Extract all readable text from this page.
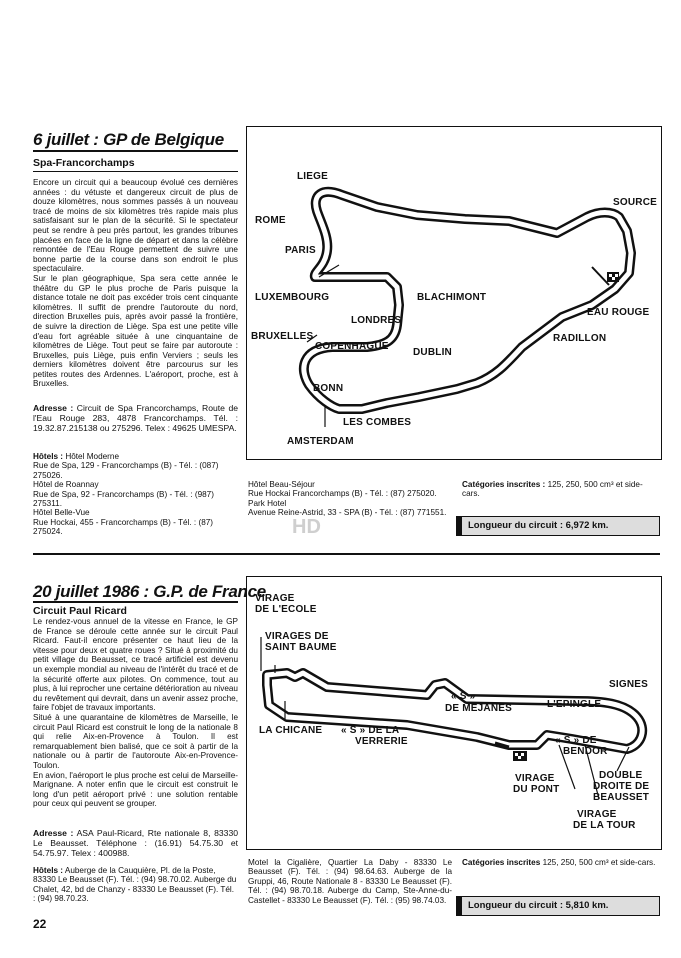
6 juillet : GP de Belgique
Spa-Francorchamps

Encore un circuit qui a beaucoup évolué ces dernières années : du vétuste et dangereux circuit de plus de douze kilomètres, nous sommes passés à un nouveau tracé de moins de six kilomètres très rapide mais plus satisfaisant sur le plan de la sécurité. Si le spectateur peut se rendre à peu près partout, les grandes tribunes placées en face de la ligne de départ et dans la célèbre remontée de l'Eau Rouge permettent de suivre une bonne partie de la course dans son endroit le plus spectaculaire.

Sur le plan géographique, Spa sera cette année le théâtre du GP le plus proche de Paris puisque la distance totale ne doit pas excéder trois cent cinquante kilomètres. Il suffit de prendre l'autoroute du nord, direction Bruxelles puis, après avoir passé la frontière, de suivre la direction de Liège. Spa est une petite ville d'eau fort agréable située à une cinquantaine de kilomètres de Liège. Tout peut se faire par autoroute : Bruxelles, puis Liège, puis enfin Verviers ; seuls les derniers kilomètres doivent être parcourus sur les petites routes des Ardennes. L'aéroport, proche, est à Bruxelles.

Adresse : Circuit de Spa Francorchamps, Route de l'Eau Rouge 283, 4878 Francorchamps. Tél. : 19.32.87.215138 ou 275296. Telex : 49625 UMESPA.
Hôtels : Hôtel Moderne
Rue de Spa, 129 - Francorchamps (B) - Tél. : (087) 275026.
Hôtel de Roannay
Rue de Spa, 92 - Francorchamps (B) - Tél. : (987) 275311.
Hôtel Belle-Vue
Rue Hockai, 455 - Francorchamps (B) - Tél. : (87) 275024.
LIEGE
ROME
PARIS
SOURCE
LUXEMBOURG	BLACHIMONT
EAU ROUGE
LONDRES
BRUXELLES
COPENHAGUE
DUBLIN
RADILLON
BONN
LES COMBES
AMSTERDAM
Hôtel Beau-Séjour
Rue Hockai Francorchamps (B) - Tél. : (87) 275020.
Park Hotel
Avenue Reine-Astrid, 33 - SPA (B) - Tél. : (87) 771551.
HD
Catégories inscrites : 125, 250, 500 cm³ et side-cars.
Longueur du circuit : 6,972 km.
20 juillet 1986 : G.P. de France
Circuit Paul Ricard

Le rendez-vous annuel de la vitesse en France, le GP de France se déroule cette année sur le circuit Paul Ricard. Faut-il encore présenter ce haut lieu de la vitesse pour deux et quatre roues ? Situé à proximité du petit village du Beausset, ce tracé artificiel est devenu un exemple mondial au niveau de l'intérêt du tracé et de la sécurité offerte aux pilotes. On commence, tout au plus, à lui reprocher une certaine détérioration au niveau du revêtement qui devrait, dans un avenir assez proche, faire l'objet de travaux importants.

Situé à une quarantaine de kilomètres de Marseille, le circuit Paul Ricard est construit le long de la nationale 8 qui relie Aix-en-Provence à Toulon. Il est remarquablement bien balisé, que ce soit à partir de la nationale ou à partir de l'autoroute Aix-en-Provence-Toulon.

En avion, l'aéroport le plus proche est celui de Marseille-Marignane. A noter enfin que le circuit est construit le long d'un petit aéroport privé : une solution rentable pour ceux qui peuvent se grouper.

Adresse : ASA Paul-Ricard, Rte nationale 8, 83330 Le Beausset. Téléphone : (16.91) 54.75.30 et 54.75.97. Telex : 400988.
Hôtels : Auberge de la Cauquière, Pl. de la Poste, 83330 Le Beausset (F). Tél. : (94) 98.70.02. Auberge du Chalet, 42, bd de Chanzy - 83330 Le Beausset (F). Tél. : (94) 98.70.23.
VIRAGE
DE L'ECOLE
VIRAGES DE
SAINT BAUME
SIGNES
« S »
DE MEJANES	L'EPINGLE
LA CHICANE « S » DE LA
VERRERIE	« S » DE
BENDOR
VIRAGE
DU PONT
DOUBLE
DROITE DE
BEAUSSET
VIRAGE
DE LA TOUR
Motel la Cigalière, Quartier La Daby - 83330 Le Beausset (F). Tél. : (94) 98.64.63. Auberge de la Gruppi, 46, Route Nationale 8 - 83330 Le Beausset (F). Tél. : (94) 98.70.18. Auberge du Camp, Ste-Anne-du-Castellet - 83330 Le Beausset (F). Tél. : (95) 98.74.03.
Catégories inscrites 125, 250, 500 cm³ et side-cars.
Longueur du circuit : 5,810 km.
22
